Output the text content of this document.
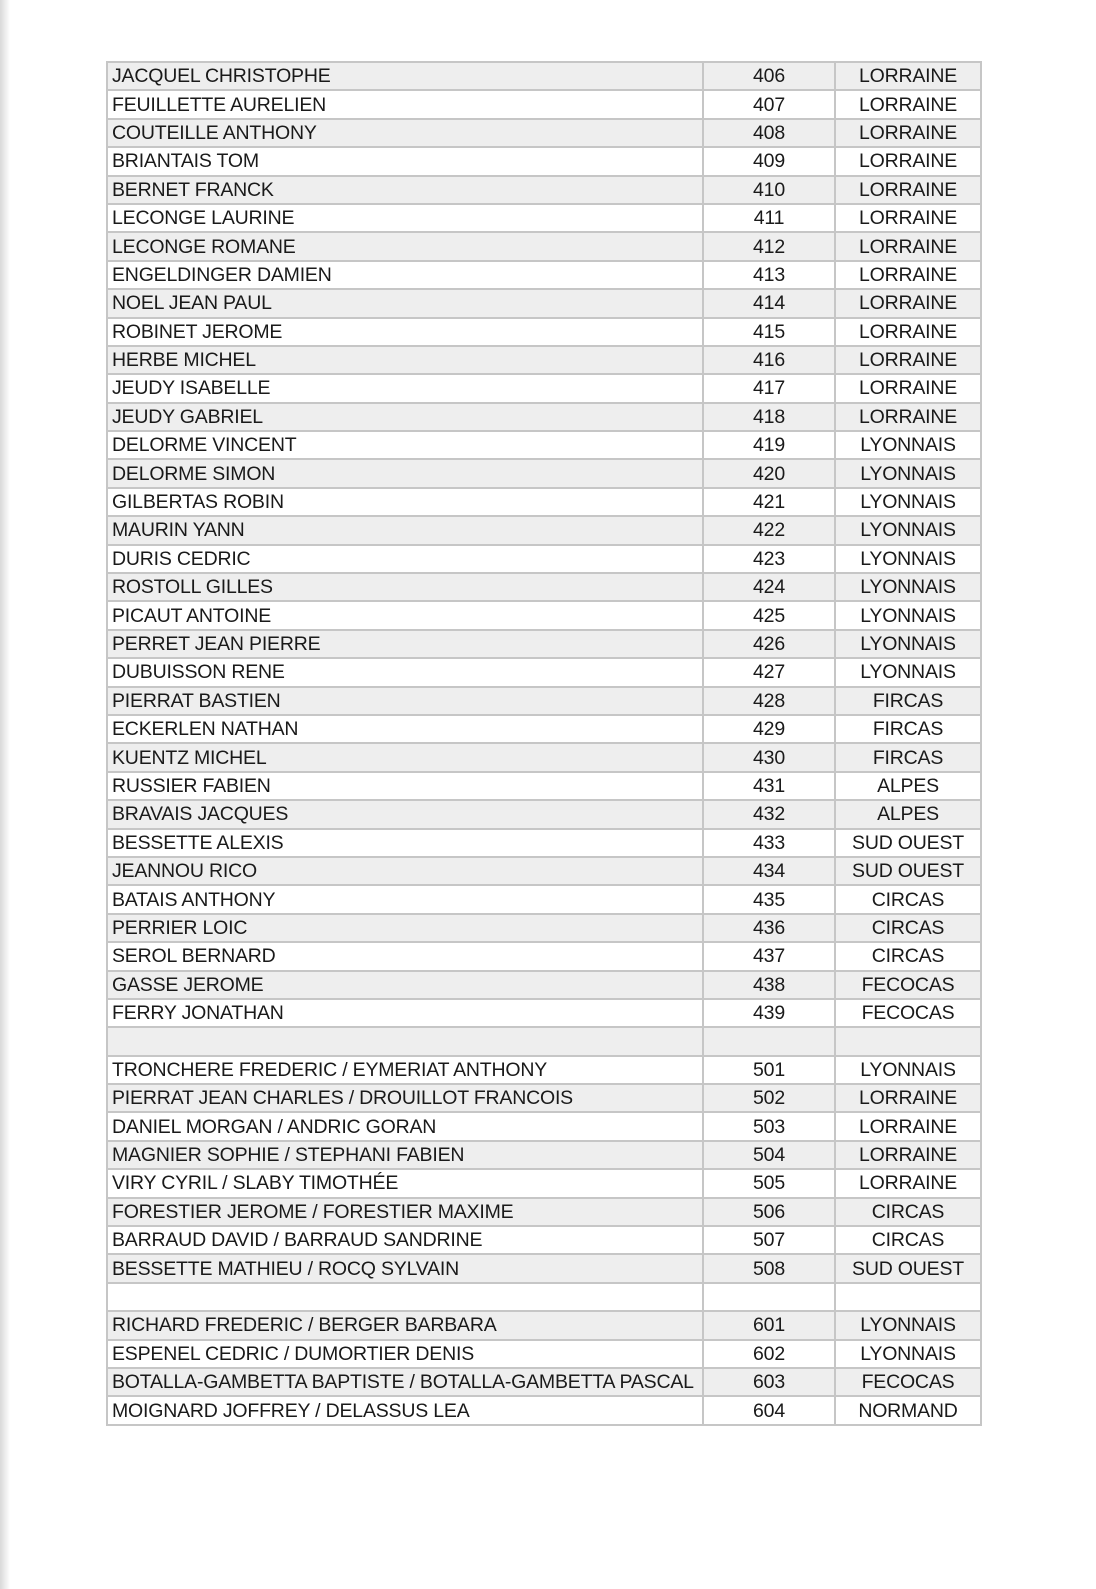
JACQUEL CHRISTOPHE	406	LORRAINE
FEUILLETTE AURELIEN	407	LORRAINE
COUTEILLE ANTHONY	408	LORRAINE
BRIANTAIS TOM	409	LORRAINE
BERNET FRANCK	410	LORRAINE
LECONGE LAURINE	411	LORRAINE
LECONGE ROMANE	412	LORRAINE
ENGELDINGER DAMIEN	413	LORRAINE
NOEL JEAN PAUL	414	LORRAINE
ROBINET JEROME	415	LORRAINE
HERBE MICHEL	416	LORRAINE
JEUDY ISABELLE	417	LORRAINE
JEUDY GABRIEL	418	LORRAINE
DELORME VINCENT	419	LYONNAIS
DELORME SIMON	420	LYONNAIS
GILBERTAS ROBIN	421	LYONNAIS
MAURIN YANN	422	LYONNAIS
DURIS CEDRIC	423	LYONNAIS
ROSTOLL GILLES	424	LYONNAIS
PICAUT ANTOINE	425	LYONNAIS
PERRET JEAN PIERRE	426	LYONNAIS
DUBUISSON RENE	427	LYONNAIS
PIERRAT BASTIEN	428	FIRCAS
ECKERLEN NATHAN	429	FIRCAS
KUENTZ MICHEL	430	FIRCAS
RUSSIER FABIEN	431	ALPES
BRAVAIS JACQUES	432	ALPES
BESSETTE ALEXIS	433	SUD OUEST
JEANNOU RICO	434	SUD OUEST
BATAIS ANTHONY	435	CIRCAS
PERRIER LOIC	436	CIRCAS
SEROL BERNARD	437	CIRCAS
GASSE JEROME	438	FECOCAS
FERRY JONATHAN	439	FECOCAS

TRONCHERE FREDERIC / EYMERIAT ANTHONY	501	LYONNAIS
PIERRAT JEAN CHARLES / DROUILLOT FRANCOIS	502	LORRAINE
DANIEL MORGAN / ANDRIC GORAN	503	LORRAINE
MAGNIER SOPHIE / STEPHANI FABIEN	504	LORRAINE
VIRY CYRIL / SLABY TIMOTHÉE	505	LORRAINE
FORESTIER JEROME / FORESTIER MAXIME	506	CIRCAS
BARRAUD DAVID / BARRAUD SANDRINE	507	CIRCAS
BESSETTE MATHIEU / ROCQ SYLVAIN	508	SUD OUEST

RICHARD FREDERIC / BERGER BARBARA	601	LYONNAIS
ESPENEL CEDRIC / DUMORTIER DENIS	602	LYONNAIS
BOTALLA-GAMBETTA BAPTISTE / BOTALLA-GAMBETTA PASCAL	603	FECOCAS
MOIGNARD JOFFREY / DELASSUS LEA	604	NORMAND
